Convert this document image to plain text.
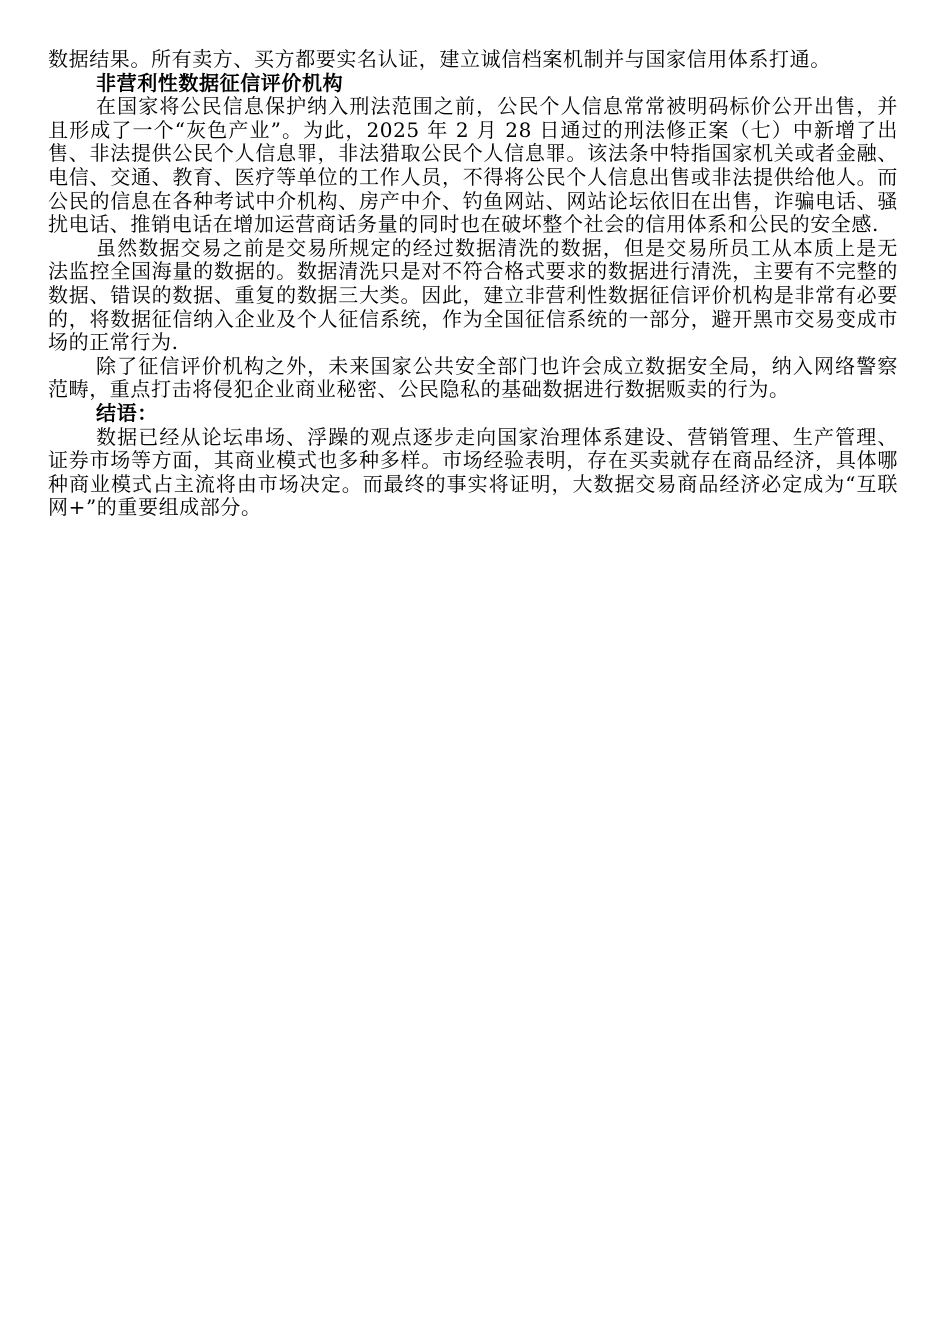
数据结果。所有卖方、买方都要实名认证，建立诚信档案机制并与国家信用体系打通。

非营利性数据征信评价机构

在国家将公民信息保护纳入刑法范围之前，公民个人信息常常被明码标价公开出售，并且形成了一个“灰色产业”。为此，2025 年 2 月 28 日通过的刑法修正案（七）中新增了出售、非法提供公民个人信息罪，非法猎取公民个人信息罪。该法条中特指国家机关或者金融、电信、交通、教育、医疗等单位的工作人员，不得将公民个人信息出售或非法提供给他人。而公民的信息在各种考试中介机构、房产中介、钓鱼网站、网站论坛依旧在出售，诈骗电话、骚扰电话、推销电话在增加运营商话务量的同时也在破坏整个社会的信用体系和公民的安全感.

虽然数据交易之前是交易所规定的经过数据清洗的数据，但是交易所员工从本质上是无法监控全国海量的数据的。数据清洗只是对不符合格式要求的数据进行清洗，主要有不完整的数据、错误的数据、重复的数据三大类。因此，建立非营利性数据征信评价机构是非常有必要的，将数据征信纳入企业及个人征信系统，作为全国征信系统的一部分，避开黑市交易变成市场的正常行为.

除了征信评价机构之外，未来国家公共安全部门也许会成立数据安全局，纳入网络警察范畴，重点打击将侵犯企业商业秘密、公民隐私的基础数据进行数据贩卖的行为。

结语：

数据已经从论坛串场、浮躁的观点逐步走向国家治理体系建设、营销管理、生产管理、证券市场等方面，其商业模式也多种多样。市场经验表明，存在买卖就存在商品经济，具体哪种商业模式占主流将由市场决定。而最终的事实将证明，大数据交易商品经济必定成为“互联网+”的重要组成部分。
